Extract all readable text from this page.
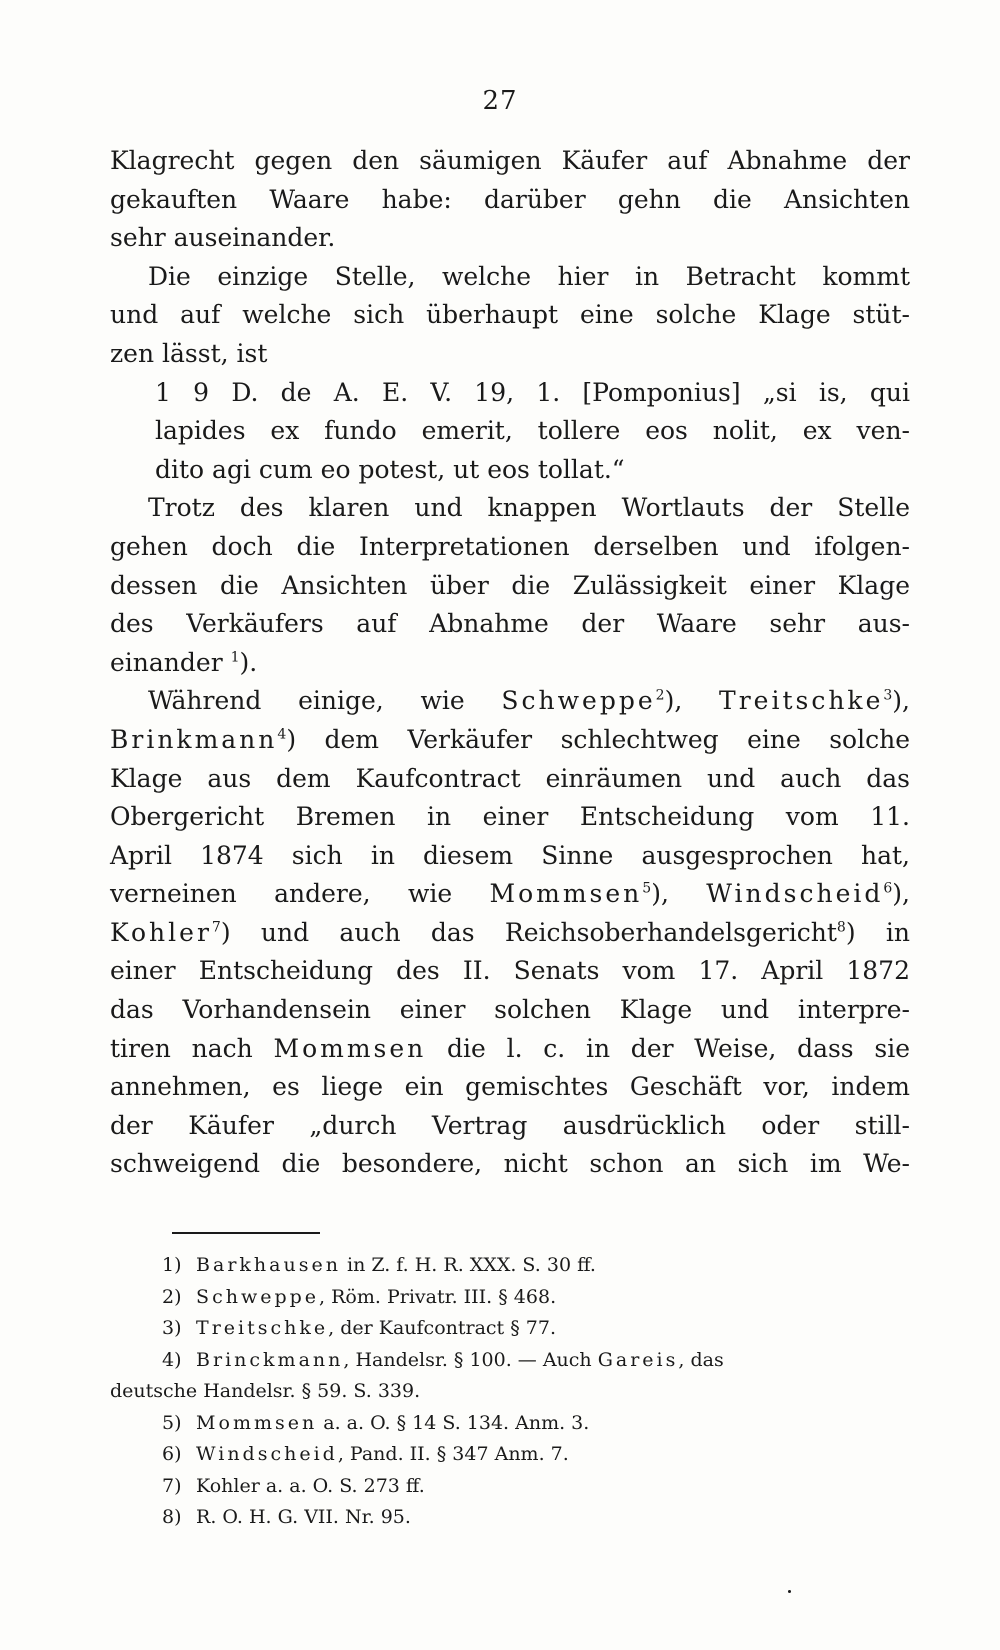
27
Klagrecht gegen den säumigen Käufer auf Abnahme der
gekauften Waare habe: darüber gehn die Ansichten
sehr auseinander.
Die einzige Stelle, welche hier in Betracht kommt
und auf welche sich überhaupt eine solche Klage stüt-
zen lässt, ist
1 9 D. de A. E. V. 19, 1. [Pomponius] „si is, qui
lapides ex fundo emerit, tollere eos nolit, ex ven-
dito agi cum eo potest, ut eos tollat.“
Trotz des klaren und knappen Wortlauts der Stelle
gehen doch die Interpretationen derselben und ifolgen-
dessen die Ansichten über die Zulässigkeit einer Klage
des Verkäufers auf Abnahme der Waare sehr aus-
einander $^1$).
Während einige, wie Schweppe$^2$), Treitschke$^3$),
Brinkmann$^4$) dem Verkäufer schlechtweg eine solche
Klage aus dem Kaufcontract einräumen und auch das
Obergericht Bremen in einer Entscheidung vom 11.
April 1874 sich in diesem Sinne ausgesprochen hat,
verneinen andere, wie Mommsen$^5$), Windscheid$^6$),
Kohler$^7$) und auch das Reichsoberhandelsgericht$^8$) in
einer Entscheidung des II. Senats vom 17. April 1872
das Vorhandensein einer solchen Klage und interpre-
tiren nach Mommsen die l. c. in der Weise, dass sie
annehmen, es liege ein gemischtes Geschäft vor, indem
der Käufer „durch Vertrag ausdrücklich oder still-
schweigend die besondere, nicht schon an sich im We-
1) Barkhausen in Z. f. H. R. XXX. S. 30 ff.
2) Schweppe, Röm. Privatr. III. § 468.
3) Treitschke, der Kaufcontract § 77.
4) Brinckmann, Handelsr. § 100. — Auch Gareis, das
deutsche Handelsr. § 59. S. 339.
5) Mommsen a. a. O. § 14 S. 134. Anm. 3.
6) Windscheid, Pand. II. § 347 Anm. 7.
7) Kohler a. a. O. S. 273 ff.
8) R. O. H. G. VII. Nr. 95.
